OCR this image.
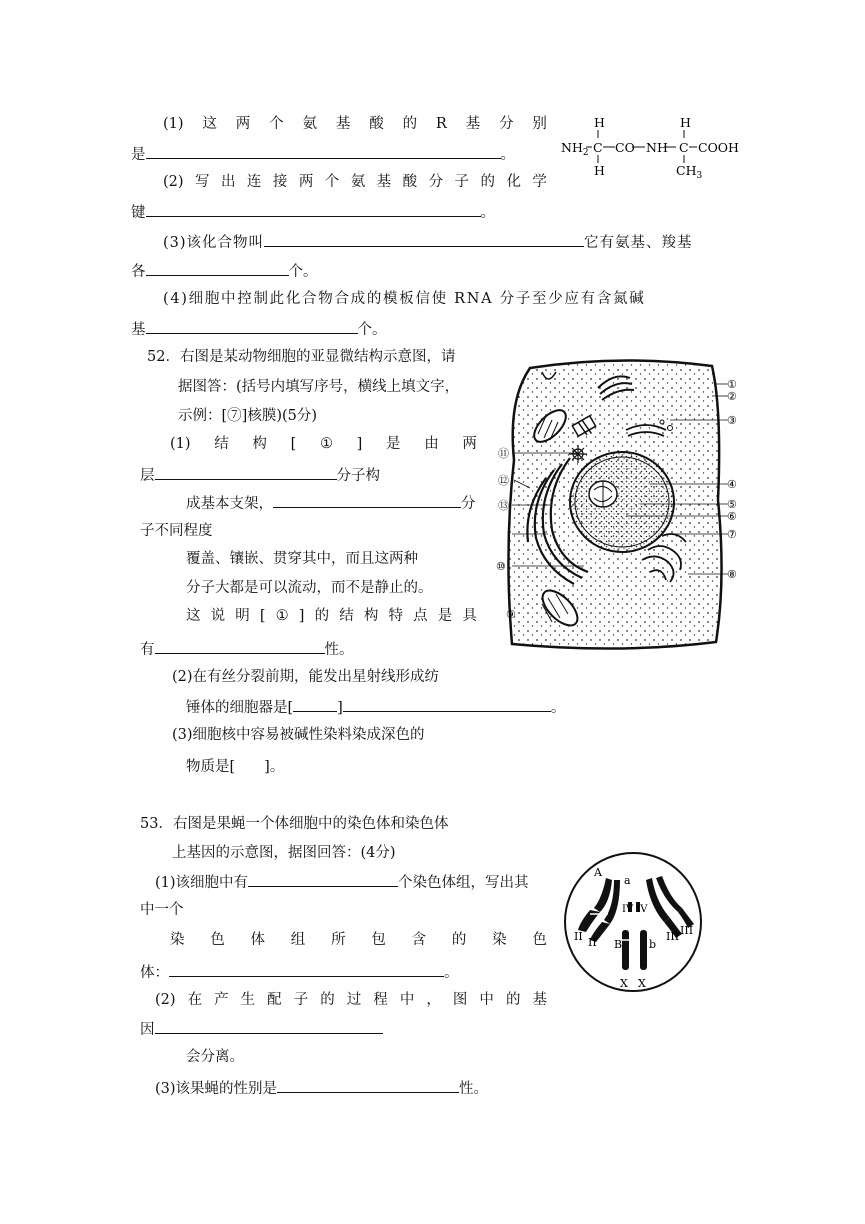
(1) 这 两 个 氨 基 酸 的 R 基 分 别
是	。
(2) 写 出 连 接 两 个 氨 基 酸 分 子 的 化 学
键	。
(3)该化合物叫	它有氨基、羧基
各	个。
(4)细胞中控制此化合物合成的模板信使 RNA 分子至少应有含氮碱
基	个。
H	H
$NH_2$ C CO NH C COOH
H	$CH_3$
52．右图是某动物细胞的亚显微结构示意图，请
据图答：(括号内填写序号，横线上填文字，
示例：[⑦]核膜)(5分)
(1) 结 构 [ ① ] 是 由 两
层	分子构
成基本支架，	分
子不同程度
覆盖、镶嵌、贯穿其中，而且这两种
分子大都是可以流动，而不是静止的。
这 说 明 [ ① ] 的 结 构 特 点 是 具
有	性。
(2)在有丝分裂前期，能发出星射线形成纺
锤体的细胞器是[	]	。
(3)细胞核中容易被碱性染料染成深色的
物质是[　　]。
①
②
③
④
⑤
⑥
⑦
⑧
⑨
⑩
⑪
⑫
⑬
53．右图是果蝇一个体细胞中的染色体和染色体
上基因的示意图，据图回答：(4分)
(1)该细胞中有	个染色体组，写出其
中一个
染 色 体 组 所 包 含 的 染 色
体：	。
(2) 在 产 生 配 子 的 过 程 中 ， 图 中 的 基
因
会分离。
(3)该果蝇的性别是	性。
A
a
B b
II II	III III
IV IV
X X
